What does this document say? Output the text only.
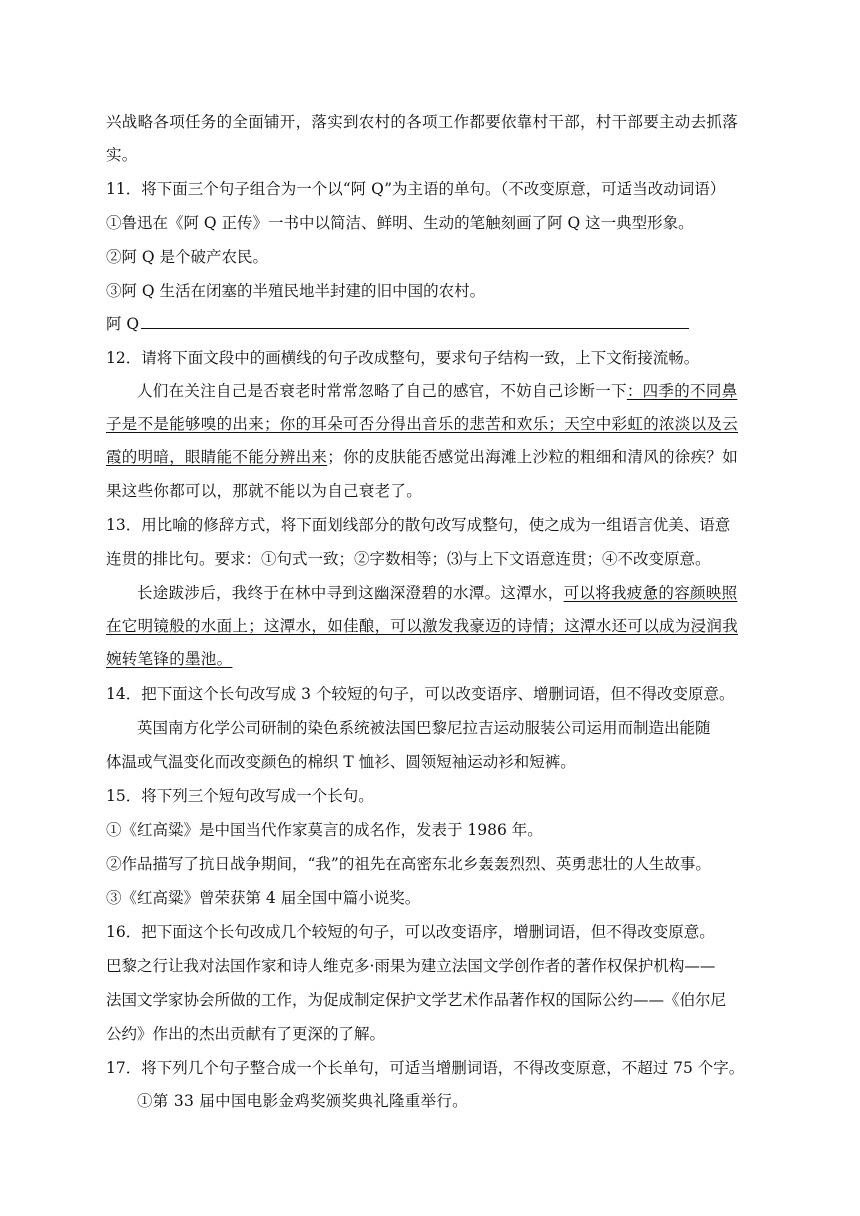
兴战略各项任务的全面铺开，落实到农村的各项工作都要依靠村干部，村干部要主动去抓落
实。
11．将下面三个句子组合为一个以“阿 Q”为主语的单句。（不改变原意，可适当改动词语）
①鲁迅在《阿 Q 正传》一书中以简洁、鲜明、生动的笔触刻画了阿 Q 这一典型形象。
②阿 Q 是个破产农民。
③阿 Q 生活在闭塞的半殖民地半封建的旧中国的农村。
阿 Q
12．请将下面文段中的画横线的句子改成整句，要求句子结构一致，上下文衔接流畅。
人们在关注自己是否衰老时常常忽略了自己的感官，不妨自己诊断一下：四季的不同鼻
子是不是能够嗅的出来；你的耳朵可否分得出音乐的悲苦和欢乐；天空中彩虹的浓淡以及云
霞的明暗，眼睛能不能分辨出来；你的皮肤能否感觉出海滩上沙粒的粗细和清风的徐疾？如
果这些你都可以，那就不能以为自己衰老了。
13．用比喻的修辞方式，将下面划线部分的散句改写成整句，使之成为一组语言优美、语意
连贯的排比句。要求：①句式一致；②字数相等；⑶与上下文语意连贯；④不改变原意。
长途跋涉后，我终于在林中寻到这幽深澄碧的水潭。这潭水，可以将我疲惫的容颜映照
在它明镜般的水面上；这潭水，如佳酿，可以激发我豪迈的诗情；这潭水还可以成为浸润我
婉转笔锋的墨池。
14．把下面这个长句改写成 3 个较短的句子，可以改变语序、增删词语，但不得改变原意。
英国南方化学公司研制的染色系统被法国巴黎尼拉吉运动服装公司运用而制造出能随
体温或气温变化而改变颜色的棉织 T 恤衫、圆领短袖运动衫和短裤。
15．将下列三个短句改写成一个长句。
①《红高粱》是中国当代作家莫言的成名作，发表于 1986 年。
②作品描写了抗日战争期间，“我”的祖先在高密东北乡轰轰烈烈、英勇悲壮的人生故事。
③《红高粱》曾荣获第 4 届全国中篇小说奖。
16．把下面这个长句改成几个较短的句子，可以改变语序，增删词语，但不得改变原意。
巴黎之行让我对法国作家和诗人维克多·雨果为建立法国文学创作者的著作权保护机构——
法国文学家协会所做的工作，为促成制定保护文学艺术作品著作权的国际公约——《伯尔尼
公约》作出的杰出贡献有了更深的了解。
17．将下列几个句子整合成一个长单句，可适当增删词语，不得改变原意，不超过 75 个字。
①第 33 届中国电影金鸡奖颁奖典礼隆重举行。
